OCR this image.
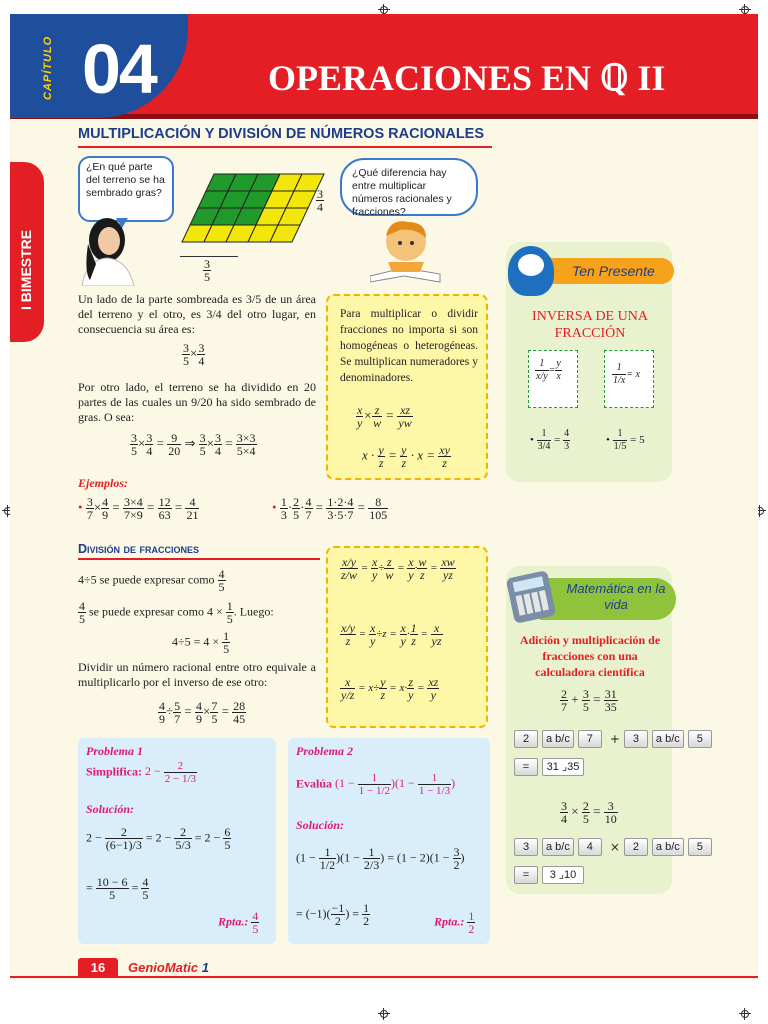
CAPÍTULO 04	OPERACIONES EN ℚ II
I BIMESTRE
MULTIPLICACIÓN Y DIVISIÓN DE NÚMEROS RACIONALES
¿En qué parte del terreno se ha sembrado gras?	$\frac{3}{4}$
$\frac{3}{5}$
¿Qué diferencia hay entre multiplicar números racionales y fracciones?
Un lado de la parte sombreada es 3/5 de un área del terreno y el otro, es 3/4 del otro lugar, en consecuencia su área es:
$\frac{3}{5} \times \frac{3}{4}$
Por otro lado, el terreno se ha dividido en 20 partes de las cuales un 9/20 ha sido sembrado de gras. O sea:
$\frac{3}{5} \times \frac{3}{4} = \frac{9}{20}$ ⇒ $\frac{3}{5} \times \frac{3}{4} = \frac{3\times 3}{5\times 4}$
Para multiplicar o dividir fracciones no importa si son homogéneas o heterogéneas. Se multiplican numeradores y denominadores.
$\frac{x}{y} \times \frac{z}{w} = \frac{xz}{yw}$
$x \cdot \frac{y}{z} = \frac{y}{z} \cdot x = \frac{xy}{z}$
Ejemplos:
• $\frac{3}{7} \times \frac{4}{9} = \frac{3\times 4}{7\times 9} = \frac{12}{63} = \frac{4}{21}$	• $\frac{1}{3} \cdot \frac{2}{5} \cdot \frac{4}{7} = \frac{1\cdot 2\cdot 4}{3\cdot 5\cdot 7} = \frac{8}{105}$
División de fracciones
4÷5 se puede expresar como $\frac{4}{5}$
$\frac{4}{5}$ se puede expresar como $4 \times \frac{1}{5}$ . Luego:
$4\div 5 = 4 \times \frac{1}{5}$
Dividir un número racional entre otro equivale a multiplicarlo por el inverso de ese otro:
$\frac{4}{9} \div \frac{5}{7} = \frac{4}{9} \times \frac{7}{5} = \frac{28}{45}$
$\frac{x/y}{z/w} = \frac{x}{y} \div \frac{z}{w} = \frac{x}{y} \cdot \frac{w}{z} = \frac{xw}{yz}$
$\frac{x/y}{z} = \frac{x}{y} \div z = \frac{x}{y} \cdot \frac{1}{z} = \frac{x}{yz}$
$\frac{x}{y/z} = x\div \frac{y}{z} = x\cdot \frac{z}{y} = \frac{xz}{y}$
Ten Presente
INVERSA DE UNA FRACCIÓN
$\frac{1}{x/y} = \frac{y}{x}$	$\frac{1}{1/x} = x$
• $\frac{1}{3/4} = \frac{4}{3}$	• $\frac{1}{1/5} = 5$
Matemática en la vida
Adición y multiplicación de fracciones con una calculadora científica
$\frac{2}{7} + \frac{3}{5} = \frac{31}{35}$
2 a b/c 7 + 3 a b/c 5
= 31 ⌟35
$\frac{3}{4} \times \frac{2}{5} = \frac{3}{10}$
3 a b/c 4 × 2 a b/c 5
= 3 ⌟10
Problema 1
Simplifica: $2 - \frac{2}{2 - 1/3}$
Solución:
$2 - \frac{2}{(6-1)/3} = 2 - \frac{2}{5/3} = 2 - \frac{6}{5}$
= $\frac{10 - 6}{5} = \frac{4}{5}$
Rpta.: $\frac{4}{5}$
Problema 2
Evalúa $(1 - \frac{1}{1 - 1/2} )(1 - \frac{1}{1 - 1/3}$ )
Solución:
$(1 - \frac{1}{1/2} )(1 - \frac{1}{2/3}$ ) = $(1 - 2)(1 - \frac{3}{2}$ )
= $(-1)( \frac{-1}{2}$ ) = $\frac{1}{2}$	Rpta.: $\frac{1}{2}$
16	GenioMatic 1
